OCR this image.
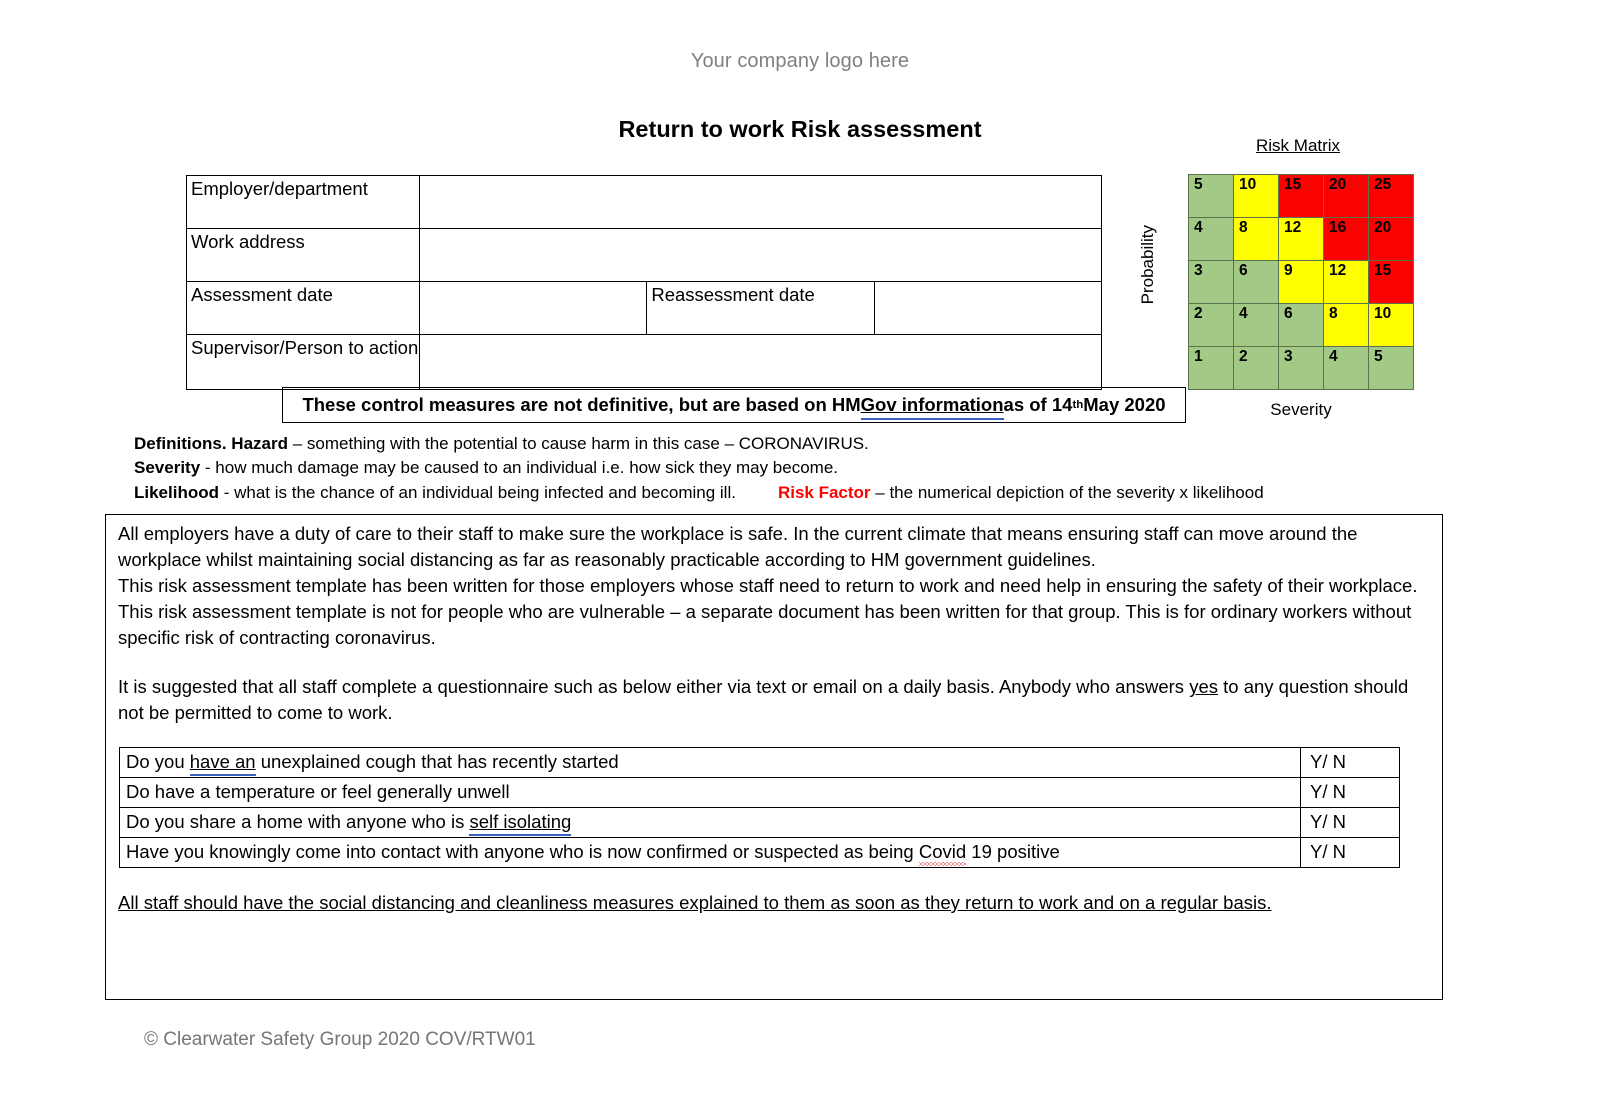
Your company logo here
Return to work Risk assessment
Employer/department			
Work address			
Assessment date		Reassessment date	
Supervisor/Person to action			
Risk Matrix
Probability
5	10	15	20	25
4	8	12	16	20
3	6	9	12	15
2	4	6	8	10
1	2	3	4	5
Severity
These control measures are not definitive, but are based on HM Gov information as of 14 th May 2020
Definitions. Hazard – something with the potential to cause harm in this case – CORONAVIRUS.
Severity - how much damage may be caused to an individual i.e. how sick they may become.
Likelihood - what is the chance of an individual being infected and becoming ill. Risk Factor – the numerical depiction of the severity x likelihood

All employers have a duty of care to their staff to make sure the workplace is safe. In the current climate that means ensuring staff can move around the workplace whilst maintaining social distancing as far as reasonably practicable according to HM government guidelines.

This risk assessment template has been written for those employers whose staff need to return to work and need help in ensuring the safety of their workplace. This risk assessment template is not for people who are vulnerable – a separate document has been written for that group. This is for ordinary workers without specific risk of contracting coronavirus.

It is suggested that all staff complete a questionnaire such as below either via text or email on a daily basis. Anybody who answers yes to any question should not be permitted to come to work.

Do you have an unexplained cough that has recently started	Y/ N
Do have a temperature or feel generally unwell	Y/ N
Do you share a home with anyone who is self isolating	Y/ N
Have you knowingly come into contact with anyone who is now confirmed or suspected as being Covid 19 positive	Y/ N
All staff should have the social distancing and cleanliness measures explained to them as soon as they return to work and on a regular basis.
© Clearwater Safety Group 2020 COV/RTW01
